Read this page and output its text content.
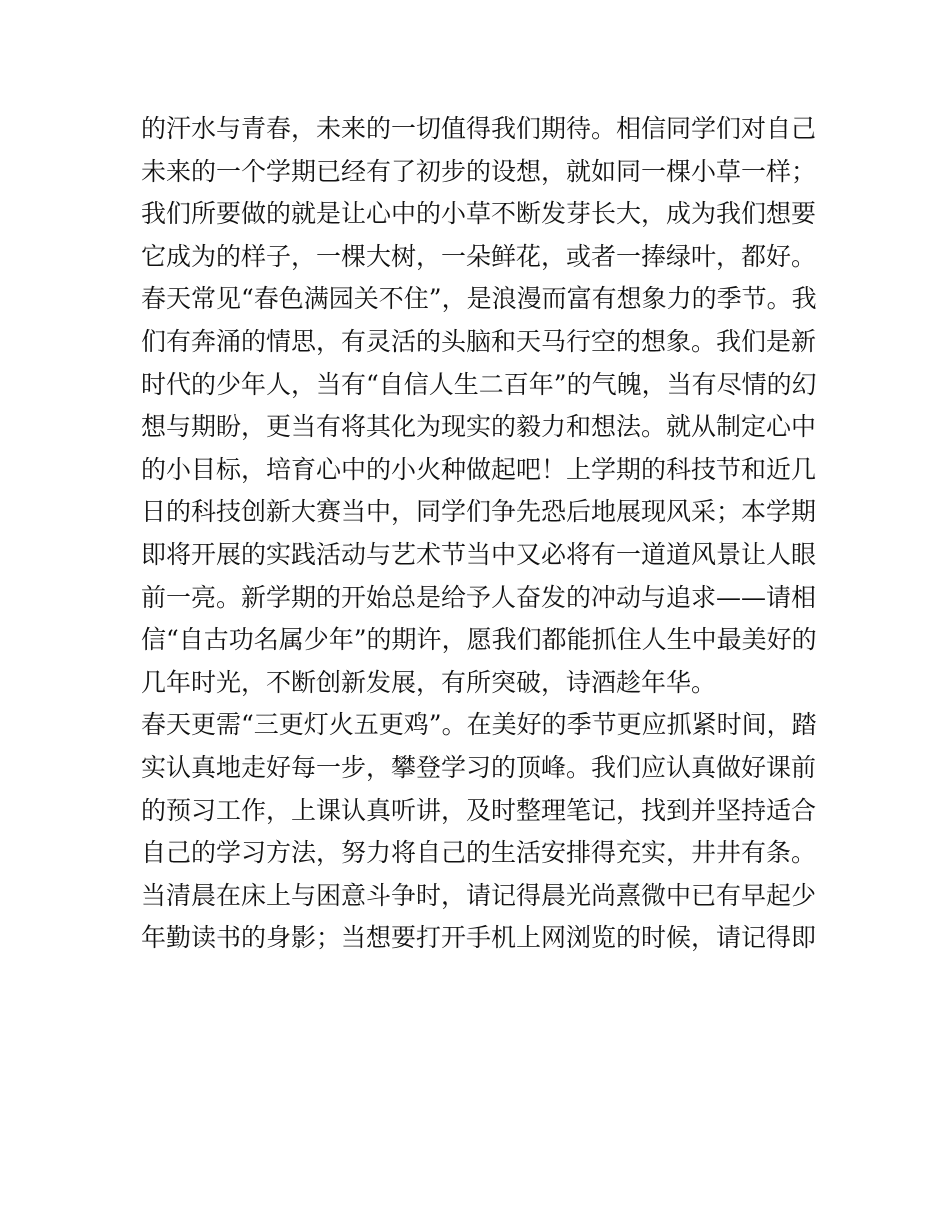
的汗水与青春，未来的一切值得我们期待。相信同学们对自己
未来的一个学期已经有了初步的设想，就如同一棵小草一样；
我们所要做的就是让心中的小草不断发芽长大，成为我们想要
它成为的样子，一棵大树，一朵鲜花，或者一捧绿叶，都好。
春天常见“春色满园关不住”，是浪漫而富有想象力的季节。我
们有奔涌的情思，有灵活的头脑和天马行空的想象。我们是新
时代的少年人，当有“自信人生二百年”的气魄，当有尽情的幻
想与期盼，更当有将其化为现实的毅力和想法。就从制定心中
的小目标，培育心中的小火种做起吧！上学期的科技节和近几
日的科技创新大赛当中，同学们争先恐后地展现风采；本学期
即将开展的实践活动与艺术节当中又必将有一道道风景让人眼
前一亮。新学期的开始总是给予人奋发的冲动与追求——请相
信“自古功名属少年”的期许，愿我们都能抓住人生中最美好的
几年时光，不断创新发展，有所突破，诗酒趁年华。
春天更需“三更灯火五更鸡”。在美好的季节更应抓紧时间，踏
实认真地走好每一步，攀登学习的顶峰。我们应认真做好课前
的预习工作，上课认真听讲，及时整理笔记，找到并坚持适合
自己的学习方法，努力将自己的生活安排得充实，井井有条。
当清晨在床上与困意斗争时，请记得晨光尚熹微中已有早起少
年勤读书的身影；当想要打开手机上网浏览的时候，请记得即
